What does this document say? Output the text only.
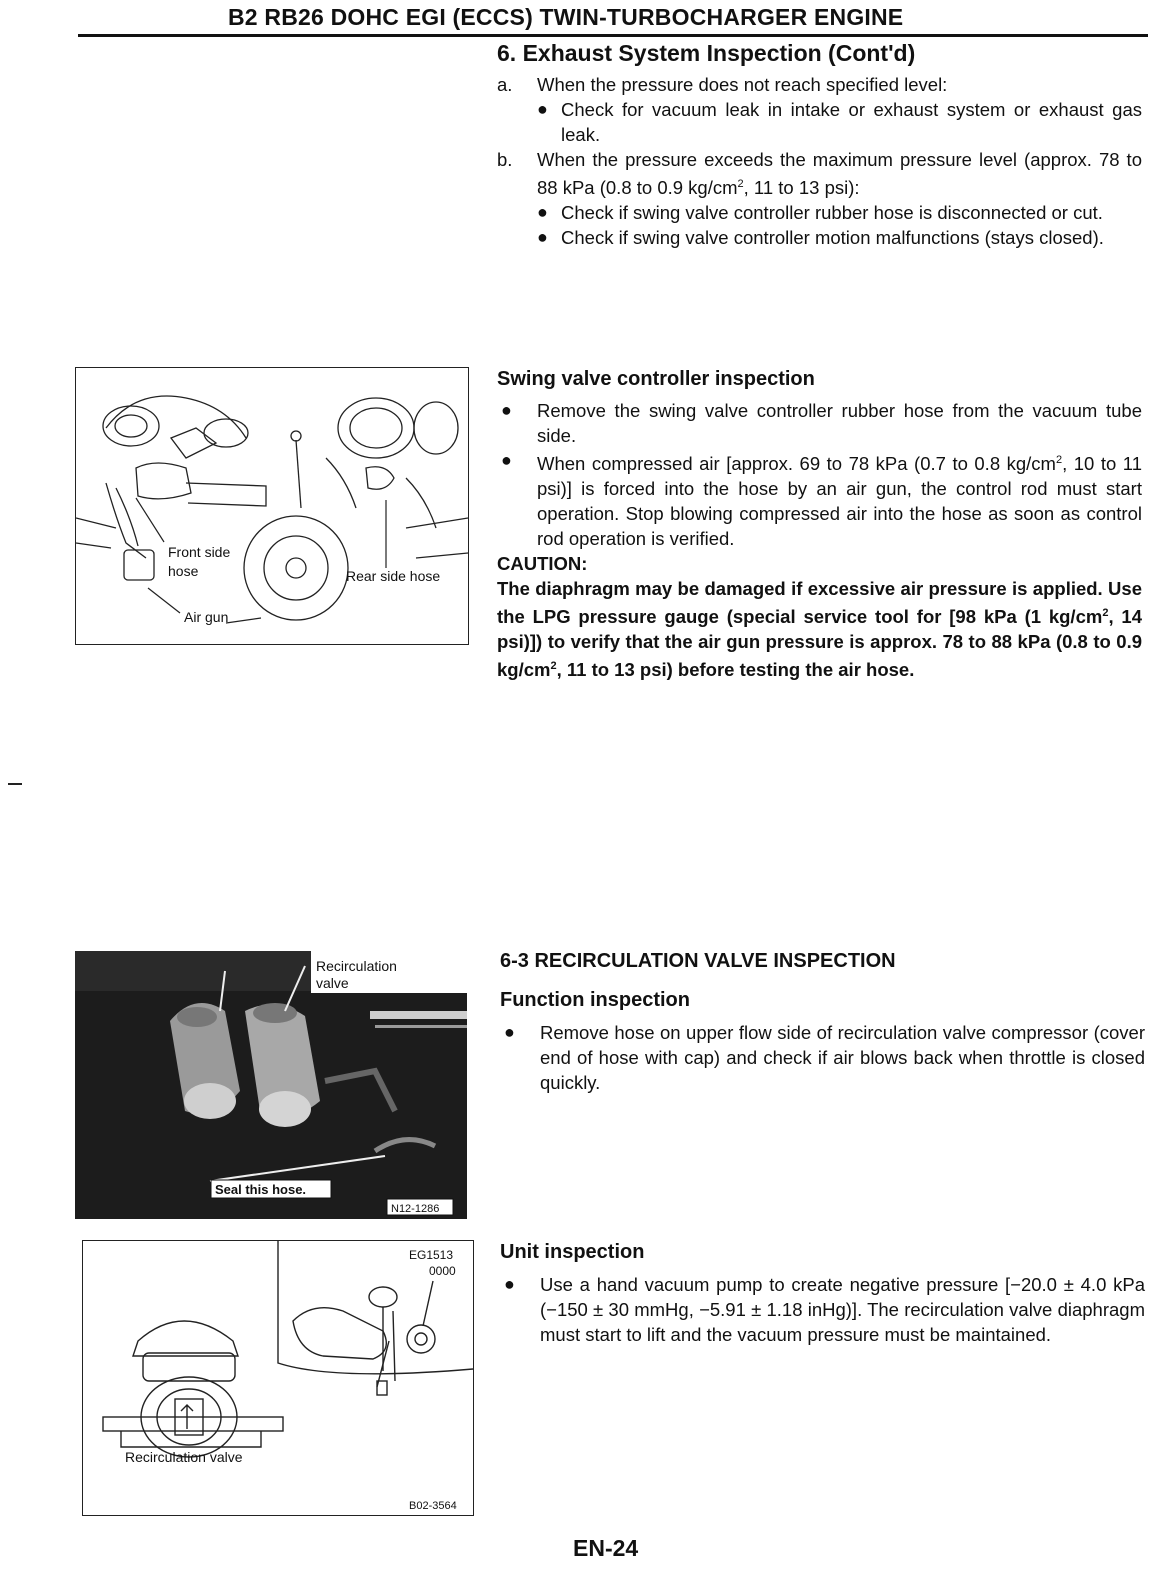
B2 RB26 DOHC EGI (ECCS) TWIN-TURBOCHARGER ENGINE
6. Exhaust System Inspection (Cont'd)
a. When the pressure does not reach specified level:
● Check for vacuum leak in intake or exhaust system or exhaust gas leak.
b. When the pressure exceeds the maximum pressure level (approx. 78 to 88 kPa (0.8 to 0.9 $kg/cm^2$, 11 to 13 psi):
● Check if swing valve controller rubber hose is disconnected or cut.
● Check if swing valve controller motion malfunctions (stays closed).
Front side
hose	Rear side hose
Air gun
Swing valve controller inspection
● Remove the swing valve controller rubber hose from the vacuum tube side.
● When compressed air [approx. 69 to 78 kPa (0.7 to 0.8 $kg/cm^2$, 10 to 11 psi)] is forced into the hose by an air gun, the control rod must start operation. Stop blowing compressed air into the hose as soon as control rod operation is verified.
CAUTION:
The diaphragm may be damaged if excessive air pressure is applied. Use the LPG pressure gauge (special service tool for [98 kPa (1 $kg/cm^2$, 14 psi)]) to verify that the air gun pressure is approx. 78 to 88 kPa (0.8 to 0.9 $kg/cm^2$, 11 to 13 psi) before testing the air hose.
Recirculation
valve
Seal this hose.
N12-1286
6-3 RECIRCULATION VALVE INSPECTION
Function inspection
● Remove hose on upper flow side of recirculation valve compressor (cover end of hose with cap) and check if air blows back when throttle is closed quickly.
EG1513
0000
Recirculation valve
B02-3564
Unit inspection
● Use a hand vacuum pump to create negative pressure [−20.0 ± 4.0 kPa (−150 ± 30 mmHg, −5.91 ± 1.18 inHg)]. The recirculation valve diaphragm must start to lift and the vacuum pressure must be maintained.
EN-24
